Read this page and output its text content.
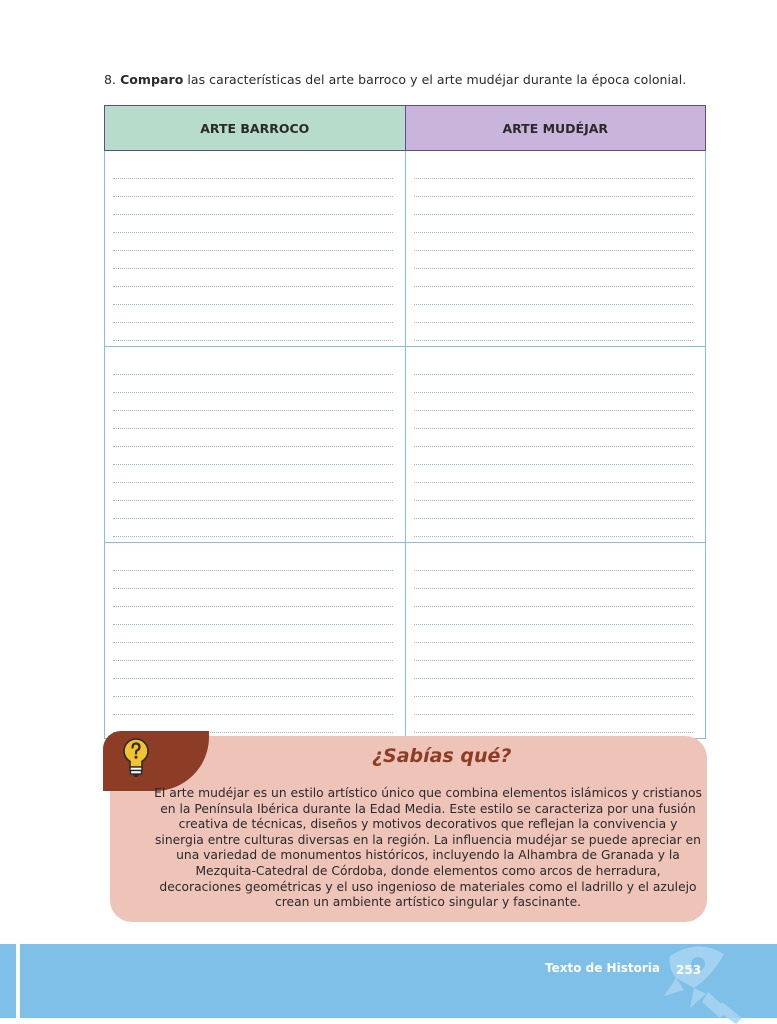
8. Comparo las características del arte barroco y el arte mudéjar durante la época colonial.
ARTE BARROCO	ARTE MUDÉJAR

¿Sabías qué?
El arte mudéjar es un estilo artístico único que combina elementos islámicos y cristianos en la Península Ibérica durante la Edad Media. Este estilo se caracteriza por una fusión creativa de técnicas, diseños y motivos decorativos que reflejan la convivencia y sinergia entre culturas diversas en la región. La influencia mudéjar se puede apreciar en una variedad de monumentos históricos, incluyendo la Alhambra de Granada y la Mezquita-Catedral de Córdoba, donde elementos como arcos de herradura, decoraciones geométricas y el uso ingenioso de materiales como el ladrillo y el azulejo crean un ambiente artístico singular y fascinante.
Texto de Historia 253
